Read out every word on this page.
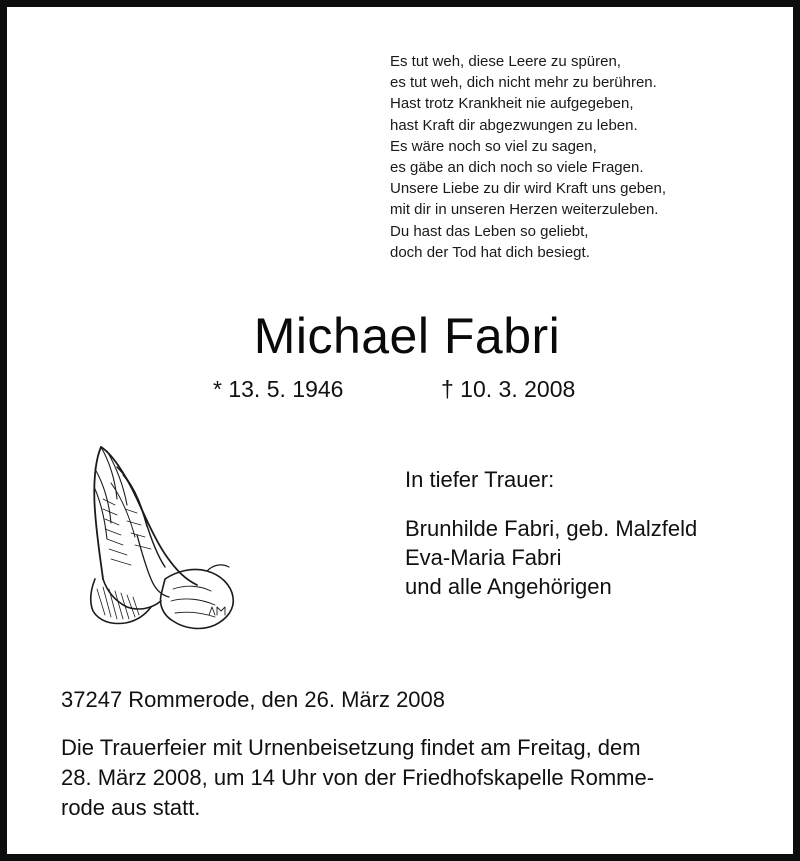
Es tut weh, diese Leere zu spüren,
es tut weh, dich nicht mehr zu berühren.
Hast trotz Krankheit nie aufgegeben,
hast Kraft dir abgezwungen zu leben.
Es wäre noch so viel zu sagen,
es gäbe an dich noch so viele Fragen.
Unsere Liebe zu dir wird Kraft uns geben,
mit dir in unseren Herzen weiterzuleben.
Du hast das Leben so geliebt,
doch der Tod hat dich besiegt.
Michael Fabri
* 13. 5. 1946	† 10. 3. 2008
In tiefer Trauer:
Brunhilde Fabri, geb. Malzfeld
Eva-Maria Fabri
und alle Angehörigen
37247 Rommerode, den 26. März 2008
Die Trauerfeier mit Urnenbeisetzung findet am Freitag, dem
28. März 2008, um 14 Uhr von der Friedhofskapelle Romme-
rode aus statt.
